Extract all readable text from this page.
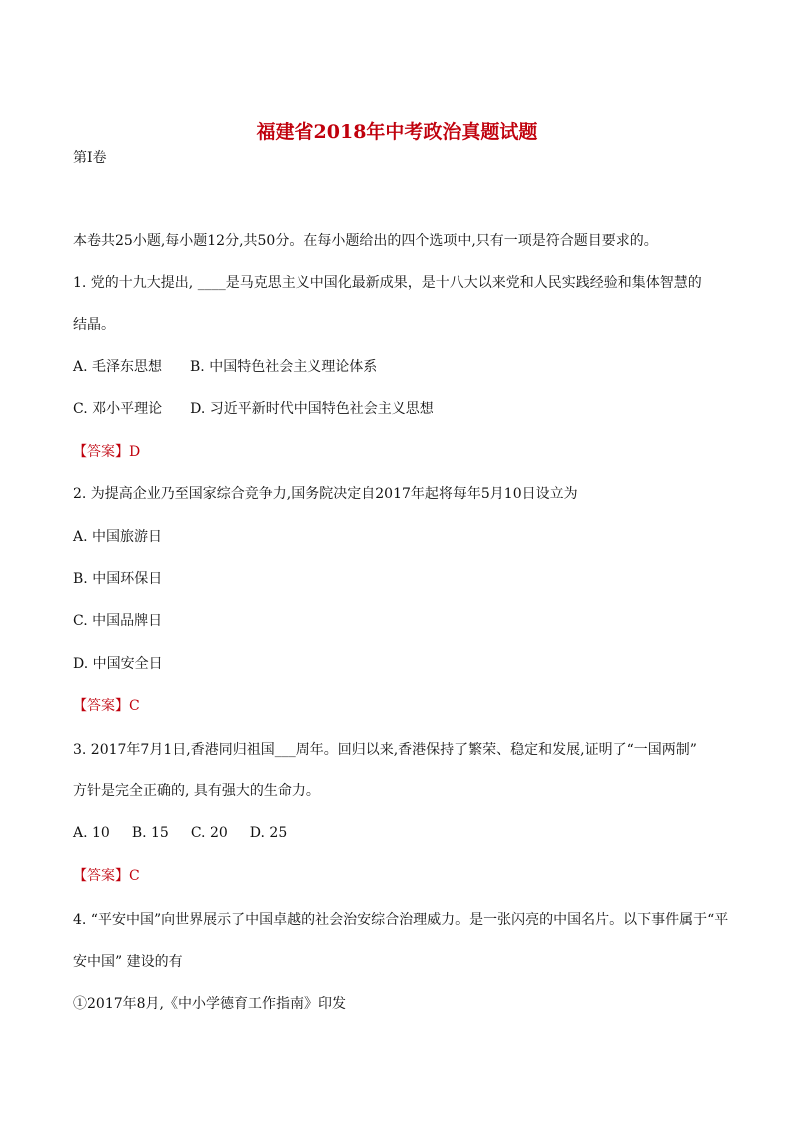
福建省2018年中考政治真题试题
第I卷
本卷共25小题,每小题12分,共50分。在每小题给出的四个选项中,只有一项是符合题目要求的。
1. 党的十九大提出, ____是马克思主义中国化最新成果，是十八大以来党和人民实践经验和集体智慧的
结晶。
A. 毛泽东思想 B. 中国特色社会主义理论体系
C. 邓小平理论 D. 习近平新时代中国特色社会主义思想
【答案】D
2. 为提高企业乃至国家综合竞争力,国务院决定自2017年起将每年5月10日设立为
A. 中国旅游日
B. 中国环保日
C. 中国品牌日
D. 中国安全日
【答案】C
3. 2017年7月1日,香港同归祖国___周年。回归以来,香港保持了繁荣、稳定和发展,证明了“一国两制”
方针是完全正确的, 具有强大的生命力。
A. 10 B. 15 C. 20 D. 25
【答案】C
4. “平安中国”向世界展示了中国卓越的社会治安综合治理威力。是一张闪亮的中国名片。以下事件属于“平
安中国” 建设的有
①2017年8月,《中小学德育工作指南》印发
